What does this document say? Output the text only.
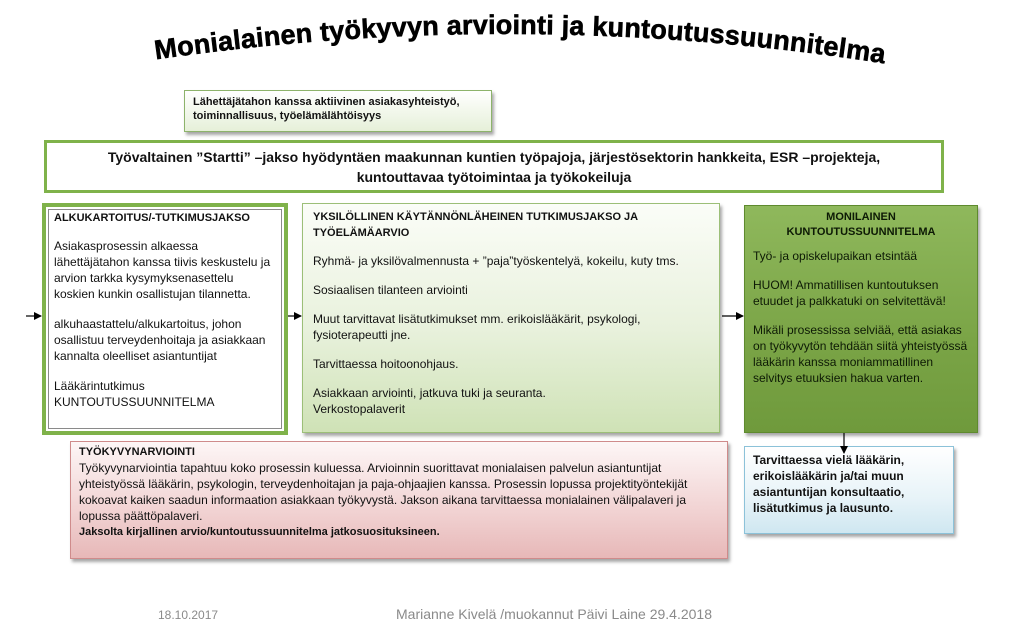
Monialainen työkyvyn arviointi ja kuntoutussuunnitelma
Lähettäjätahon kanssa aktiivinen asiakasyhteistyö,
toiminnallisuus, työelämälähtöisyys
Työvaltainen ”Startti” –jakso hyödyntäen maakunnan kuntien työpajoja, järjestösektorin hankkeita, ESR –projekteja,
kuntouttavaa työtoimintaa ja työkokeiluja
ALKUKARTOITUS/-TUTKIMUSJAKSO

Asiakasprosessin alkaessa lähettäjätahon kanssa tiivis keskustelu ja arvion tarkka kysymyksenasettelu koskien kunkin osallistujan tilannetta.

alkuhaastattelu/alkukartoitus, johon osallistuu terveydenhoitaja ja asiakkaan kannalta oleelliset asiantuntijat

Lääkärintutkimus
KUNTOUTUSSUUNNITELMA

YKSILÖLLINEN KÄYTÄNNÖNLÄHEINEN TUTKIMUSJAKSO JA TYÖELÄMÄARVIO

Ryhmä- ja yksilövalmennusta + ”paja”työskentelyä, kokeilu, kuty tms.

Sosiaalisen tilanteen arviointi

Muut tarvittavat lisätutkimukset mm. erikoislääkärit, psykologi, fysioterapeutti jne.

Tarvittaessa hoitoonohjaus.

Asiakkaan arviointi, jatkuva tuki ja seuranta.
Verkostopalaverit

MONILAINEN
KUNTOUTUSSUUNNITELMA

Työ- ja opiskelupaikan etsintää

HUOM! Ammatillisen kuntoutuksen etuudet ja palkkatuki on selvitettävä!

Mikäli prosessissa selviää, että asiakas on työkyvytön tehdään siitä yhteistyössä lääkärin kanssa moniammatillinen selvitys etuuksien hakua varten.

TYÖKYVYNARVIOINTI
Työkyvynarviointia tapahtuu koko prosessin kuluessa. Arvioinnin suorittavat monialaisen palvelun asiantuntijat yhteistyössä lääkärin, psykologin, terveydenhoitajan ja paja-ohjaajien kanssa. Prosessin lopussa projektityöntekijät kokoavat kaiken saadun informaation asiakkaan työkyvystä. Jakson aikana tarvittaessa monialainen välipalaveri ja lopussa päättöpalaveri.
Jaksolta kirjallinen arvio/kuntoutussuunnitelma jatkosuosituksineen.
Tarvittaessa vielä lääkärin, erikoislääkärin ja/tai muun asiantuntijan konsultaatio, lisätutkimus ja lausunto.
18.10.2017	Marianne Kivelä /muokannut Päivi Laine 29.4.2018
